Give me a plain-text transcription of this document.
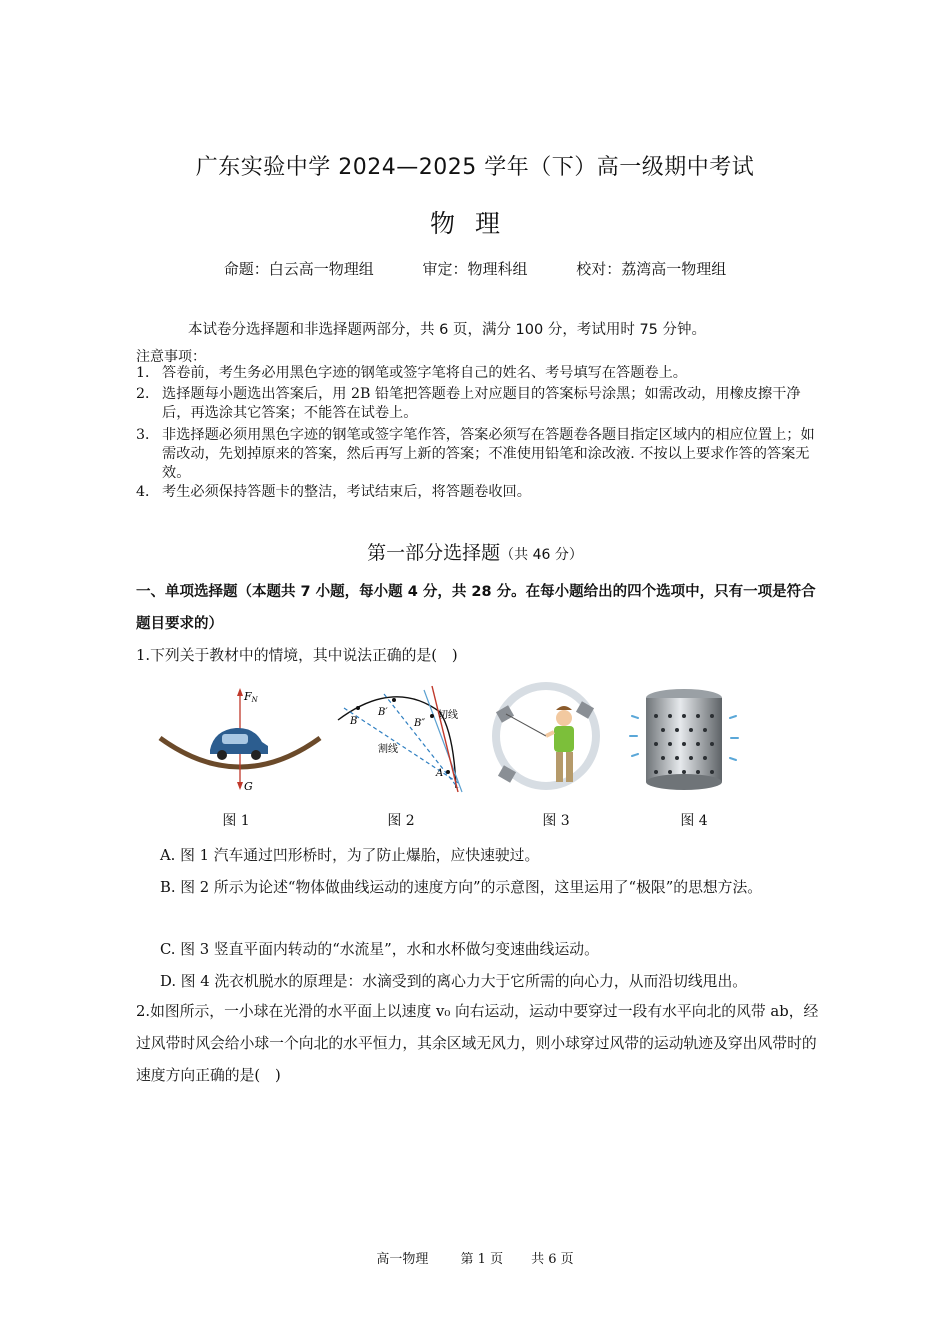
广东实验中学 2024—2025 学年（下）高一级期中考试
物理
命题：白云高一物理组	审定：物理科组	校对：荔湾高一物理组
本试卷分选择题和非选择题两部分，共 6 页，满分 100 分，考试用时 75 分钟。
注意事项：
1． 答卷前，考生务必用黑色字迹的钢笔或签字笔将自己的姓名、考号填写在答题卷上。
2． 选择题每小题选出答案后，用 2B 铅笔把答题卷上对应题目的答案标号涂黑；如需改动，用橡皮擦干净后，再选涂其它答案；不能答在试卷上。
3． 非选择题必须用黑色字迹的钢笔或签字笔作答，答案必须写在答题卷各题目指定区域内的相应位置上；如需改动，先划掉原来的答案，然后再写上新的答案；不准使用铅笔和涂改液. 不按以上要求作答的答案无效。
4． 考生必须保持答题卡的整洁，考试结束后，将答题卷收回。
第一部分选择题（共 46 分）
一、单项选择题（本题共 7 小题，每小题 4 分，共 28 分。在每小题给出的四个选项中，只有一项是符合题目要求的）
1.下列关于教材中的情境，其中说法正确的是(　)
FN
G
B
B′
B″
A
切线
割线
图 1	图 2	图 3	图 4
A. 图 1 汽车通过凹形桥时，为了防止爆胎，应快速驶过。
B. 图 2 所示为论述“物体做曲线运动的速度方向”的示意图，这里运用了“极限”的思想方法。
C. 图 3 竖直平面内转动的“水流星”，水和水杯做匀变速曲线运动。
D. 图 4 洗衣机脱水的原理是：水滴受到的离心力大于它所需的向心力，从而沿切线甩出。
2.如图所示，一小球在光滑的水平面上以速度 v₀ 向右运动，运动中要穿过一段有水平向北的风带 ab，经过风带时风会给小球一个向北的水平恒力，其余区域无风力，则小球穿过风带的运动轨迹及穿出风带时的速度方向正确的是(　)
高一物理 第 1 页 共 6 页
